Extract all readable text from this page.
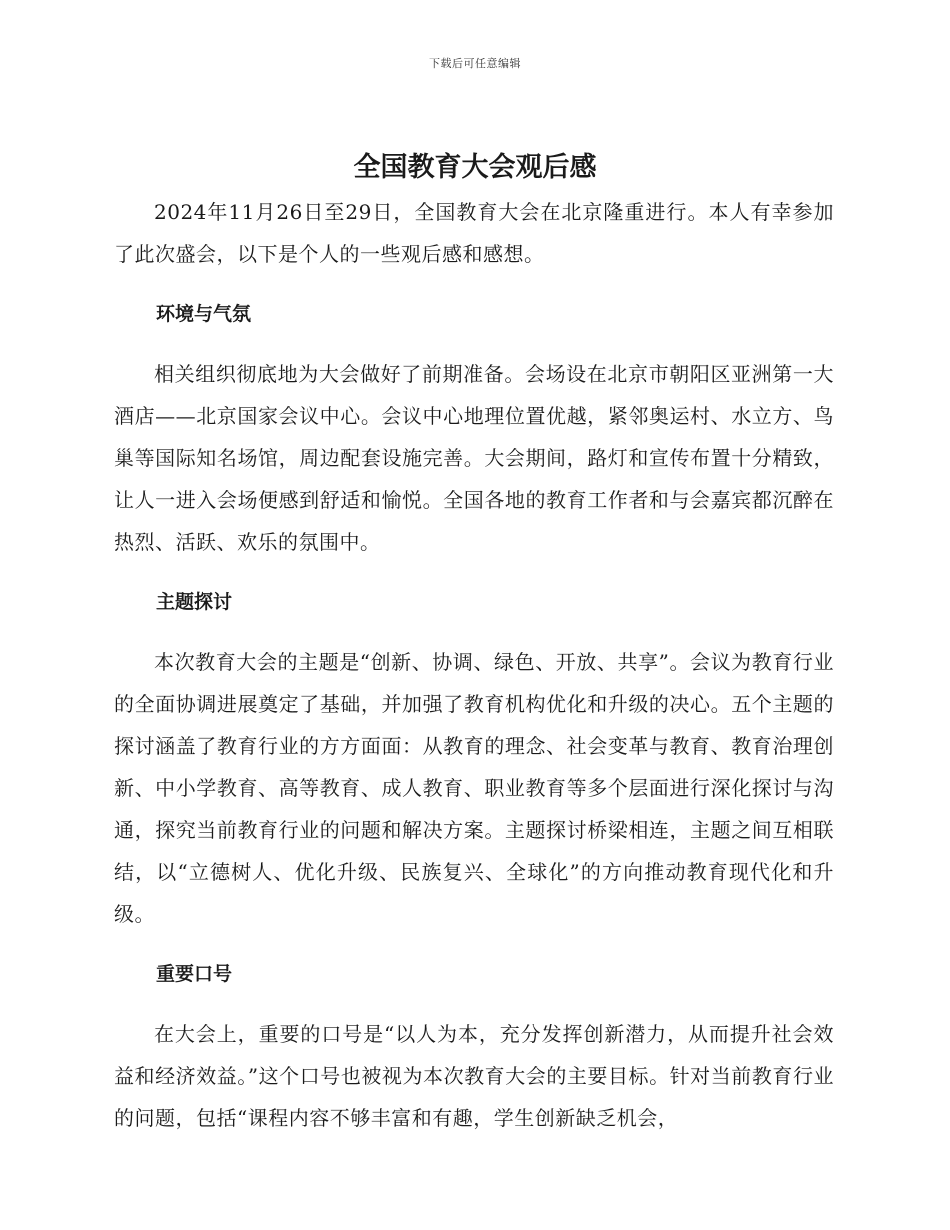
下载后可任意编辑
全国教育大会观后感

2024年11月26日至29日，全国教育大会在北京隆重进行。本人有幸参加了此次盛会，以下是个人的一些观后感和感想。

环境与气氛

相关组织彻底地为大会做好了前期准备。会场设在北京市朝阳区亚洲第一大酒店——北京国家会议中心。会议中心地理位置优越，紧邻奥运村、水立方、鸟巢等国际知名场馆，周边配套设施完善。大会期间，路灯和宣传布置十分精致，让人一进入会场便感到舒适和愉悦。全国各地的教育工作者和与会嘉宾都沉醉在热烈、活跃、欢乐的氛围中。

主题探讨

本次教育大会的主题是“创新、协调、绿色、开放、共享”。会议为教育行业的全面协调进展奠定了基础，并加强了教育机构优化和升级的决心。五个主题的探讨涵盖了教育行业的方方面面：从教育的理念、社会变革与教育、教育治理创新、中小学教育、高等教育、成人教育、职业教育等多个层面进行深化探讨与沟通，探究当前教育行业的问题和解决方案。主题探讨桥梁相连，主题之间互相联结，以“立德树人、优化升级、民族复兴、全球化”的方向推动教育现代化和升级。

重要口号

在大会上，重要的口号是“以人为本，充分发挥创新潜力，从而提升社会效益和经济效益。”这个口号也被视为本次教育大会的主要目标。针对当前教育行业的问题，包括“课程内容不够丰富和有趣，学生创新缺乏机会，
